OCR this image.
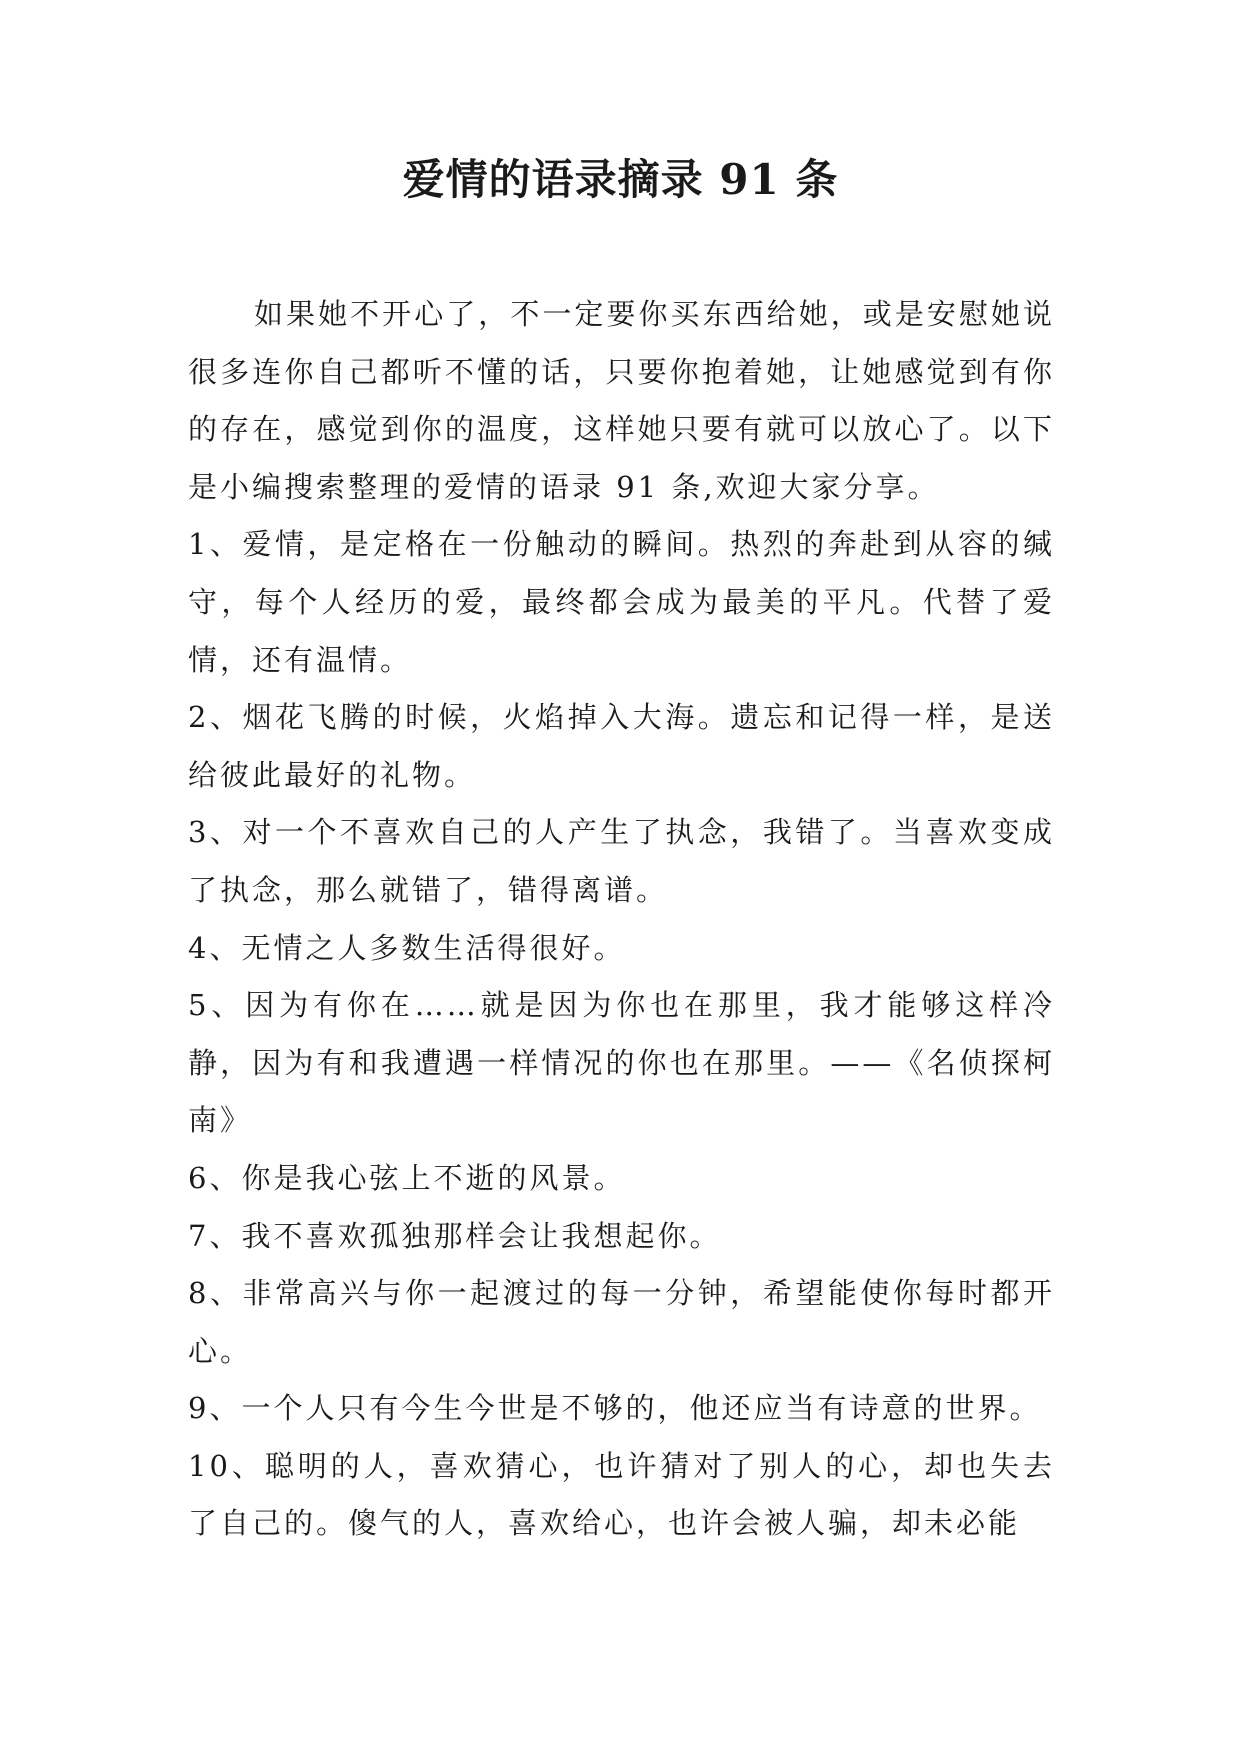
爱情的语录摘录 91 条

如果她不开心了，不一定要你买东西给她，或是安慰她说很多连你自己都听不懂的话，只要你抱着她，让她感觉到有你的存在，感觉到你的温度，这样她只要有就可以放心了。以下是小编搜索整理的爱情的语录 91 条,欢迎大家分享。

1、爱情，是定格在一份触动的瞬间。热烈的奔赴到从容的缄守，每个人经历的爱，最终都会成为最美的平凡。代替了爱情，还有温情。

2、烟花飞腾的时候，火焰掉入大海。遗忘和记得一样，是送给彼此最好的礼物。

3、对一个不喜欢自己的人产生了执念，我错了。当喜欢变成了执念，那么就错了，错得离谱。

4、无情之人多数生活得很好。

5、因为有你在……就是因为你也在那里，我才能够这样冷静，因为有和我遭遇一样情况的你也在那里。——《名侦探柯南》

6、你是我心弦上不逝的风景。

7、我不喜欢孤独那样会让我想起你。

8、非常高兴与你一起渡过的每一分钟，希望能使你每时都开心。

9、一个人只有今生今世是不够的，他还应当有诗意的世界。

10、聪明的人，喜欢猜心，也许猜对了别人的心，却也失去了自己的。傻气的人，喜欢给心，也许会被人骗，却未必能
